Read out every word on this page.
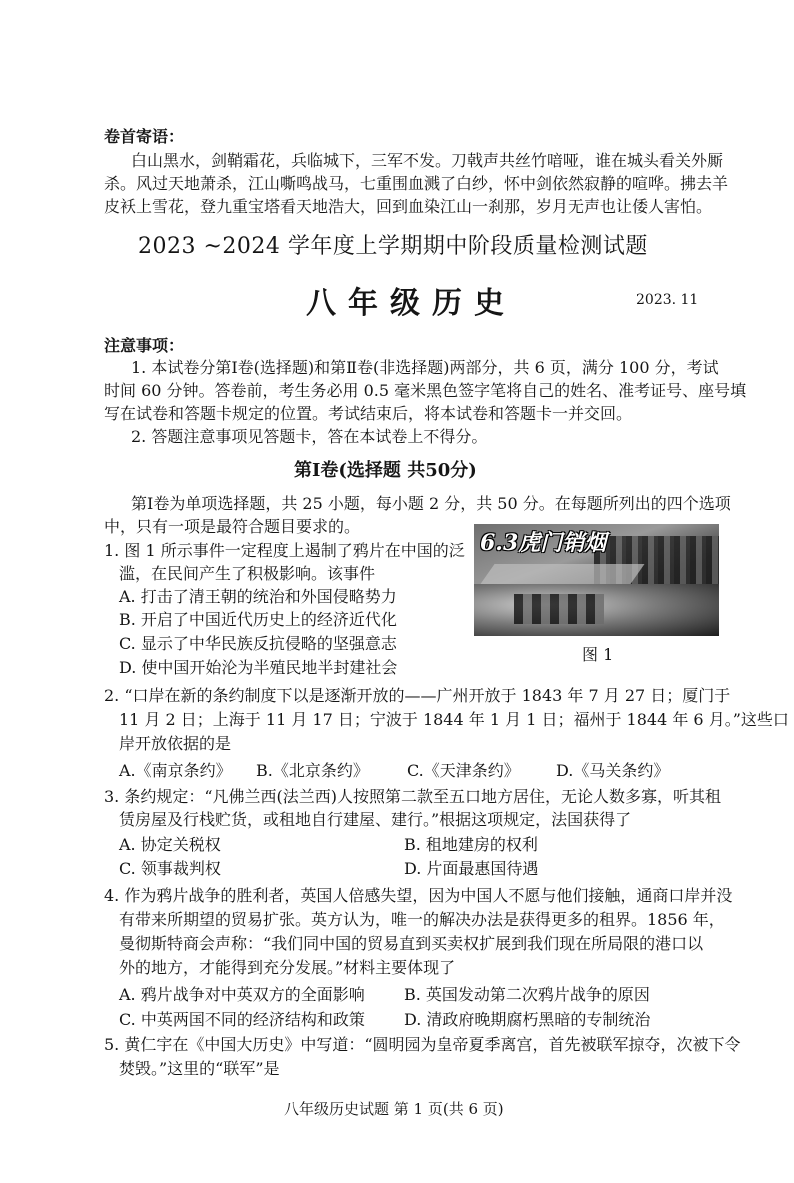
卷首寄语：
白山黑水，剑鞘霜花，兵临城下，三军不发。刀戟声共丝竹喑哑，谁在城头看关外厮
杀。风过天地萧杀，江山嘶鸣战马，七重围血溅了白纱，怀中剑依然寂静的喧哗。拂去羊
皮袄上雪花，登九重宝塔看天地浩大，回到血染江山一刹那，岁月无声也让倭人害怕。
2023 ~2024 学年度上学期期中阶段质量检测试题
八年级历史	2023. 11
注意事项：
1. 本试卷分第Ⅰ卷(选择题)和第Ⅱ卷(非选择题)两部分，共 6 页，满分 100 分，考试
时间 60 分钟。答卷前，考生务必用 0.5 毫米黑色签字笔将自己的姓名、准考证号、座号填
写在试卷和答题卡规定的位置。考试结束后，将本试卷和答题卡一并交回。
2. 答题注意事项见答题卡，答在本试卷上不得分。
第Ⅰ卷(选择题 共50分)
第Ⅰ卷为单项选择题，共 25 小题，每小题 2 分，共 50 分。在每题所列出的四个选项
中，只有一项是最符合题目要求的。
6.3虎门销烟
图 1
1. 图 1 所示事件一定程度上遏制了鸦片在中国的泛
滥，在民间产生了积极影响。该事件
A. 打击了清王朝的统治和外国侵略势力
B. 开启了中国近代历史上的经济近代化
C. 显示了中华民族反抗侵略的坚强意志
D. 使中国开始沦为半殖民地半封建社会
2. “口岸在新的条约制度下以是逐渐开放的——广州开放于 1843 年 7 月 27 日；厦门于
11 月 2 日；上海于 11 月 17 日；宁波于 1844 年 1 月 1 日；福州于 1844 年 6 月。”这些口
岸开放依据的是
A.《南京条约》 B.《北京条约》 C.《天津条约》 D.《马关条约》
3. 条约规定：“凡佛兰西(法兰西)人按照第二款至五口地方居住，无论人数多寡，听其租
赁房屋及行栈贮货，或租地自行建屋、建行。”根据这项规定，法国获得了
A. 协定关税权	B. 租地建房的权利
C. 领事裁判权	D. 片面最惠国待遇
4. 作为鸦片战争的胜利者，英国人倍感失望，因为中国人不愿与他们接触，通商口岸并没
有带来所期望的贸易扩张。英方认为，唯一的解决办法是获得更多的租界。1856 年，
曼彻斯特商会声称：“我们同中国的贸易直到买卖权扩展到我们现在所局限的港口以
外的地方，才能得到充分发展。”材料主要体现了
A. 鸦片战争对中英双方的全面影响 B. 英国发动第二次鸦片战争的原因
C. 中英两国不同的经济结构和政策 D. 清政府晚期腐朽黑暗的专制统治
5. 黄仁宇在《中国大历史》中写道：“圆明园为皇帝夏季离宫，首先被联军掠夺，次被下令
焚毁。”这里的“联军”是
八年级历史试题 第 1 页(共 6 页)
